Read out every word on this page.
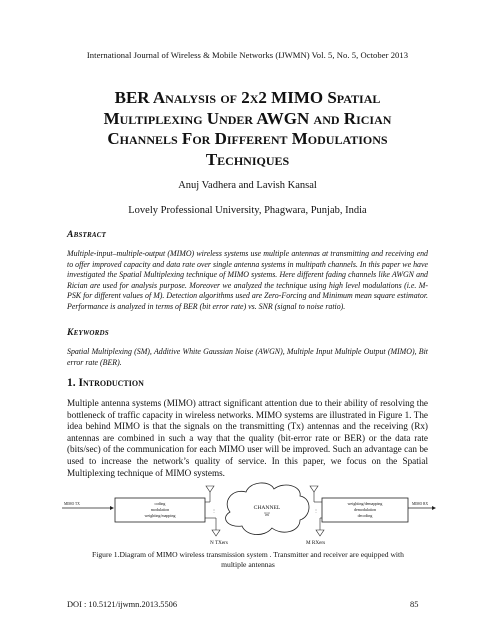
International Journal of Wireless & Mobile Networks (IJWMN) Vol. 5, No. 5, October 2013
BER Analysis of 2x2 MIMO Spatial
Multiplexing Under AWGN and Rician
Channels For Different Modulations
Techniques
Anuj Vadhera and Lavish Kansal
Lovely Professional University, Phagwara, Punjab, India
Abstract
Multiple-input–multiple-output (MIMO) wireless systems use multiple antennas at transmitting and receiving end to offer improved capacity and data rate over single antenna systems in multipath channels. In this paper we have investigated the Spatial Multiplexing technique of MIMO systems. Here different fading channels like AWGN and Rician are used for analysis purpose. Moreover we analyzed the technique using high level modulations (i.e. M-PSK for different values of M). Detection algorithms used are Zero-Forcing and Minimum mean square estimator. Performance is analyzed in terms of BER (bit error rate) vs. SNR (signal to noise ratio).
Keywords
Spatial Multiplexing (SM), Additive White Gaussian Noise (AWGN), Multiple Input Multiple Output (MIMO), Bit error rate (BER).
1. Introduction
Multiple antenna systems (MIMO) attract significant attention due to their ability of resolving the bottleneck of traffic capacity in wireless networks. MIMO systems are illustrated in Figure 1. The idea behind MIMO is that the signals on the transmitting (Tx) antennas and the receiving (Rx) antennas are combined in such a way that the quality (bit-error rate or BER) or the data rate (bits/sec) of the communication for each MIMO user will be improved. Such an advantage can be used to increase the network’s quality of service. In this paper, we focus on the Spatial Multiplexing technique of MIMO systems.
MIMO TX	coding
modulation
weighting/mapping
⋮
N TXers
CHANNEL
'H'
⋮
M RXers
weighting/demapping
demodulation
decoding
MIMO RX
Figure 1.Diagram of MIMO wireless transmission system . Transmitter and receiver are equipped with multiple antennas
DOI : 10.5121/ijwmn.2013.5506	85
